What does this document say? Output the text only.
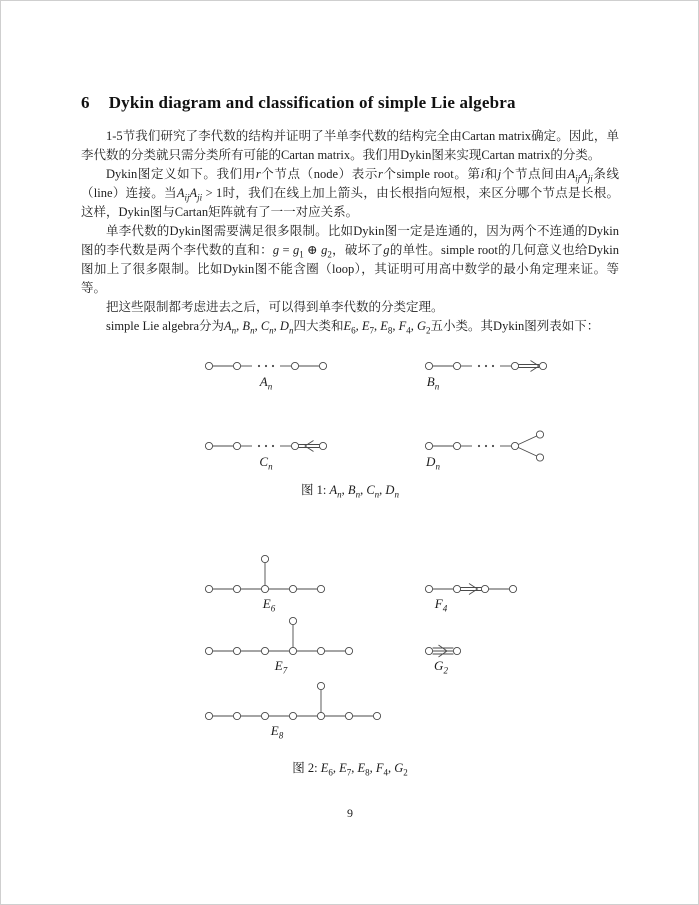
6 Dykin diagram and classification of simple Lie algebra

1-5节我们研究了李代数的结构并证明了半单李代数的结构完全由Cartan matrix确定。因此，单李代数的分类就只需分类所有可能的Cartan matrix。我们用Dykin图来实现Cartan matrix的分类。

Dykin图定义如下。我们用r个节点（node）表示r个simple root。第i和j个节点间由$A_{ij}A_{ji}$条线（line）连接。当$A_{ij}A_{ji} > 1$时，我们在线上加上箭头，由长根指向短根，来区分哪个节点是长根。这样，Dykin图与Cartan矩阵就有了一一对应关系。

单李代数的Dykin图需要满足很多限制。比如Dykin图一定是连通的，因为两个不连通的Dykin图的李代数是两个李代数的直和：$g = g_1$ ⊕ $g_2$，破坏了g的单性。simple root的几何意义也给Dykin图加上了很多限制。比如Dykin图不能含圈（loop），其证明可用高中数学的最小角定理来证。等等。

把这些限制都考虑进去之后，可以得到单李代数的分类定理。

simple Lie algebra分为$A_n$, $B_n$, $C_n$, $D_n$四大类和$E_6$, $E_7$, $E_8$, $F_4$, $G_2$五小类。其Dykin图列表如下：

$A_n$	$B_n$
$C_n$	$D_n$
图 1: $A_n$, $B_n$, $C_n$, $D_n$
$E_6$	$F_4$
$E_7$	$G_2$
$E_8$
图 2: $E_6$, $E_7$, $E_8$, $F_4$, $G_2$
9
